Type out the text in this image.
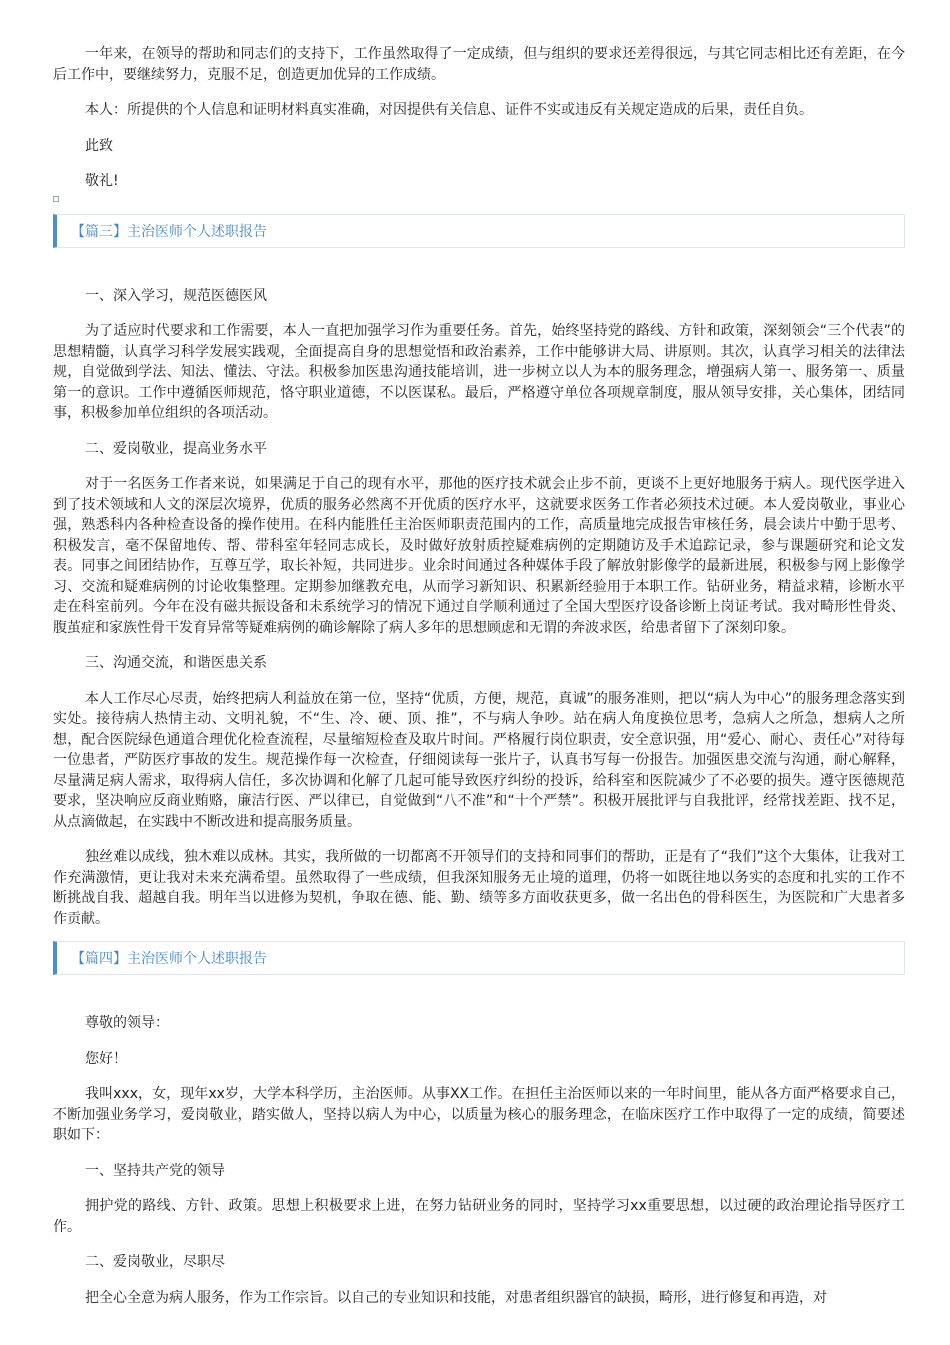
一年来，在领导的帮助和同志们的支持下，工作虽然取得了一定成绩，但与组织的要求还差得很远，与其它同志相比还有差距，在今后工作中，要继续努力，克服不足，创造更加优异的工作成绩。

本人：所提供的个人信息和证明材料真实准确，对因提供有关信息、证件不实或违反有关规定造成的后果，责任自负。

此致

敬礼!

【篇三】主治医师个人述职报告

一、深入学习，规范医德医风

为了适应时代要求和工作需要，本人一直把加强学习作为重要任务。首先，始终坚持党的路线、方针和政策，深刻领会“三个代表”的思想精髓，认真学习科学发展实践观，全面提高自身的思想觉悟和政治素养，工作中能够讲大局、讲原则。其次，认真学习相关的法律法规，自觉做到学法、知法、懂法、守法。积极参加医患沟通技能培训，进一步树立以人为本的服务理念，增强病人第一、服务第一、质量第一的意识。工作中遵循医师规范，恪守职业道德，不以医谋私。最后，严格遵守单位各项规章制度，服从领导安排，关心集体，团结同事，积极参加单位组织的各项活动。

二、爱岗敬业，提高业务水平

对于一名医务工作者来说，如果满足于自己的现有水平，那他的医疗技术就会止步不前，更谈不上更好地服务于病人。现代医学进入到了技术领域和人文的深层次境界，优质的服务必然离不开优质的医疗水平，这就要求医务工作者必须技术过硬。本人爱岗敬业，事业心强，熟悉科内各种检查设备的操作使用。在科内能胜任主治医师职责范围内的工作，高质量地完成报告审核任务，晨会读片中勤于思考、积极发言，毫不保留地传、帮、带科室年轻同志成长，及时做好放射质控疑难病例的定期随访及手术追踪记录，参与课题研究和论文发表。同事之间团结协作，互尊互学，取长补短，共同进步。业余时间通过各种媒体手段了解放射影像学的最新进展，积极参与网上影像学习、交流和疑难病例的讨论收集整理。定期参加继教充电，从而学习新知识、积累新经验用于本职工作。钻研业务，精益求精，诊断水平走在科室前列。今年在没有磁共振设备和未系统学习的情况下通过自学顺利通过了全国大型医疗设备诊断上岗证考试。我对畸形性骨炎、腹茧症和家族性骨干发育异常等疑难病例的确诊解除了病人多年的思想顾虑和无谓的奔波求医，给患者留下了深刻印象。

三、沟通交流，和谐医患关系

本人工作尽心尽责，始终把病人利益放在第一位，坚持“优质，方便，规范，真诚”的服务准则，把以“病人为中心”的服务理念落实到实处。接待病人热情主动、文明礼貌，不“生、冷、硬、顶、推”，不与病人争吵。站在病人角度换位思考，急病人之所急，想病人之所想，配合医院绿色通道合理优化检查流程，尽量缩短检查及取片时间。严格履行岗位职责，安全意识强，用“爱心、耐心、责任心”对待每一位患者，严防医疗事故的发生。规范操作每一次检查，仔细阅读每一张片子，认真书写每一份报告。加强医患交流与沟通，耐心解释，尽量满足病人需求，取得病人信任，多次协调和化解了几起可能导致医疗纠纷的投诉，给科室和医院减少了不必要的损失。遵守医德规范要求，坚决响应反商业贿赂，廉洁行医、严以律已，自觉做到“八不准”和“十个严禁”。积极开展批评与自我批评，经常找差距、找不足，从点滴做起，在实践中不断改进和提高服务质量。

独丝难以成线，独木难以成林。其实，我所做的一切都离不开领导们的支持和同事们的帮助，正是有了“我们”这个大集体，让我对工作充满激情，更让我对未来充满希望。虽然取得了一些成绩，但我深知服务无止境的道理，仍将一如既往地以务实的态度和扎实的工作不断挑战自我、超越自我。明年当以进修为契机，争取在德、能、勤、绩等多方面收获更多，做一名出色的骨科医生，为医院和广大患者多作贡献。

【篇四】主治医师个人述职报告

尊敬的领导：

您好！

我叫xxx，女，现年xx岁，大学本科学历，主治医师。从事XX工作。在担任主治医师以来的一年时间里，能从各方面严格要求自己，不断加强业务学习，爱岗敬业，踏实做人，坚持以病人为中心，以质量为核心的服务理念，在临床医疗工作中取得了一定的成绩，简要述职如下：

一、坚持共产党的领导

拥护党的路线、方针、政策。思想上积极要求上进，在努力钻研业务的同时，坚持学习xx重要思想，以过硬的政治理论指导医疗工作。

二、爱岗敬业，尽职尽

把全心全意为病人服务，作为工作宗旨。以自己的专业知识和技能，对患者组织器官的缺损，畸形，进行修复和再造，对
